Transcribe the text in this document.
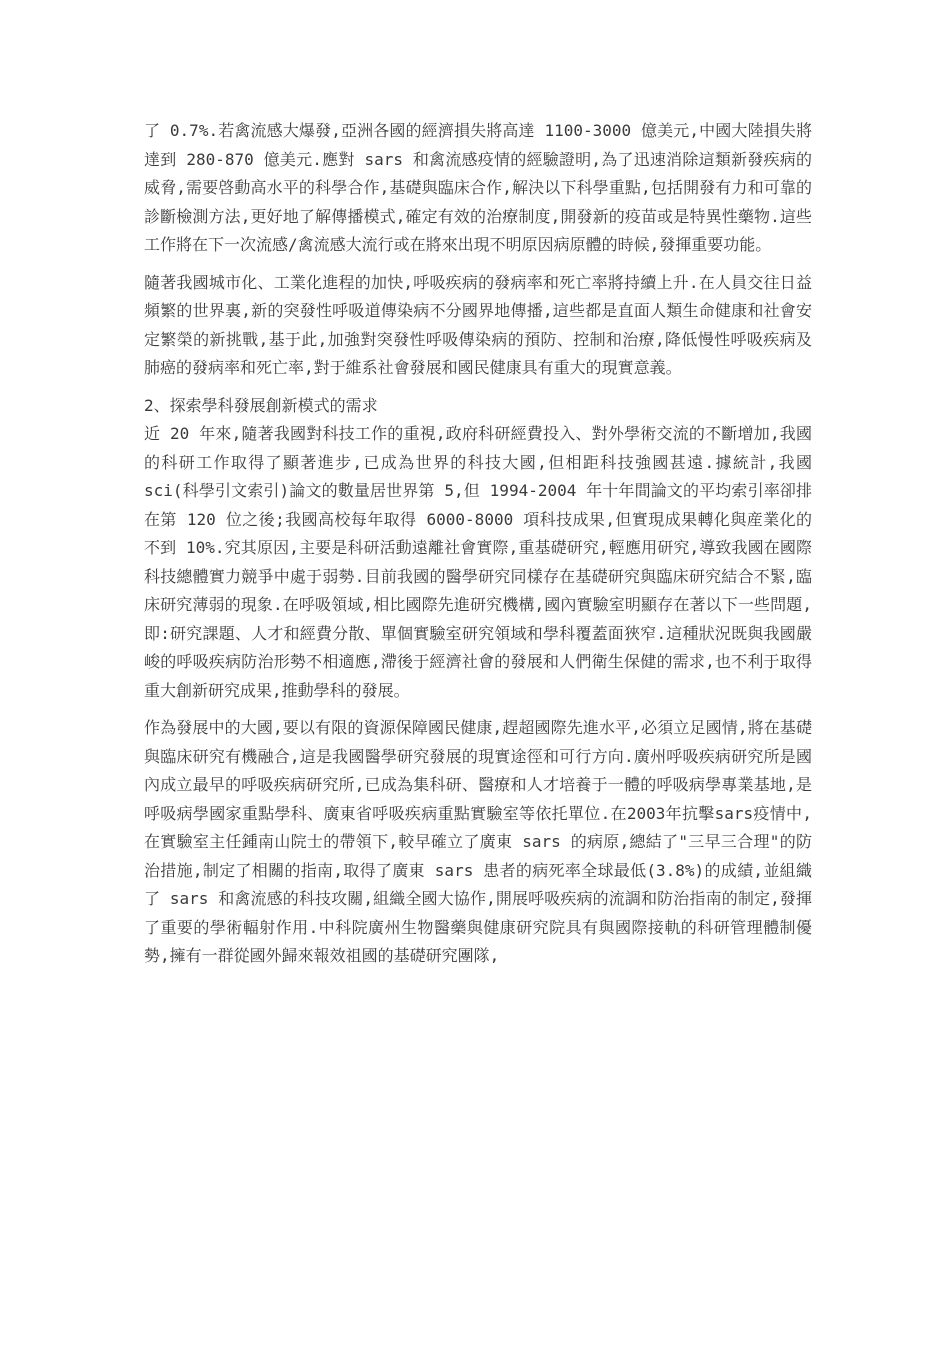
了 0.7%.若禽流感大爆發,亞洲各國的經濟損失將高達 1100-3000 億美元,中國大陸損失將達到 280-870 億美元.應對 sars 和禽流感疫情的經驗證明,為了迅速消除這類新發疾病的威脅,需要啓動高水平的科學合作,基礎與臨床合作,解決以下科學重點,包括開發有力和可靠的診斷檢測方法,更好地了解傳播模式,確定有效的治療制度,開發新的疫苗或是特異性藥物.這些工作將在下一次流感/禽流感大流行或在將來出現不明原因病原體的時候,發揮重要功能。

隨著我國城市化、工業化進程的加快,呼吸疾病的發病率和死亡率將持續上升.在人員交往日益頻繁的世界裏,新的突發性呼吸道傳染病不分國界地傳播,這些都是直面人類生命健康和社會安定繁榮的新挑戰,基于此,加強對突發性呼吸傳染病的預防、控制和治療,降低慢性呼吸疾病及肺癌的發病率和死亡率,對于維系社會發展和國民健康具有重大的現實意義。

2、探索學科發展創新模式的需求

近 20 年來,隨著我國對科技工作的重視,政府科研經費投入、對外學術交流的不斷增加,我國的科研工作取得了顯著進步,已成為世界的科技大國,但相距科技強國甚遠.據統計,我國 sci(科學引文索引)論文的數量居世界第 5,但 1994-2004 年十年間論文的平均索引率卻排在第 120 位之後;我國高校每年取得 6000-8000 項科技成果,但實現成果轉化與産業化的不到 10%.究其原因,主要是科研活動遠離社會實際,重基礎研究,輕應用研究,導致我國在國際科技總體實力競爭中處于弱勢.目前我國的醫學研究同樣存在基礎研究與臨床研究結合不緊,臨床研究薄弱的現象.在呼吸領域,相比國際先進研究機構,國內實驗室明顯存在著以下一些問題,即:研究課題、人才和經費分散、單個實驗室研究領域和學科覆蓋面狹窄.這種狀況既與我國嚴峻的呼吸疾病防治形勢不相適應,滯後于經濟社會的發展和人們衛生保健的需求,也不利于取得重大創新研究成果,推動學科的發展。

作為發展中的大國,要以有限的資源保障國民健康,趕超國際先進水平,必須立足國情,將在基礎與臨床研究有機融合,這是我國醫學研究發展的現實途徑和可行方向.廣州呼吸疾病研究所是國內成立最早的呼吸疾病研究所,已成為集科研、醫療和人才培養于一體的呼吸病學專業基地,是呼吸病學國家重點學科、廣東省呼吸疾病重點實驗室等依托單位.在2003年抗擊sars疫情中,在實驗室主任鍾南山院士的帶領下,較早確立了廣東 sars 的病原,總結了"三早三合理"的防治措施,制定了相關的指南,取得了廣東 sars 患者的病死率全球最低(3.8%)的成績,並組織了 sars 和禽流感的科技攻關,組織全國大協作,開展呼吸疾病的流調和防治指南的制定,發揮了重要的學術輻射作用.中科院廣州生物醫藥與健康研究院具有與國際接軌的科研管理體制優勢,擁有一群從國外歸來報效祖國的基礎研究團隊,
